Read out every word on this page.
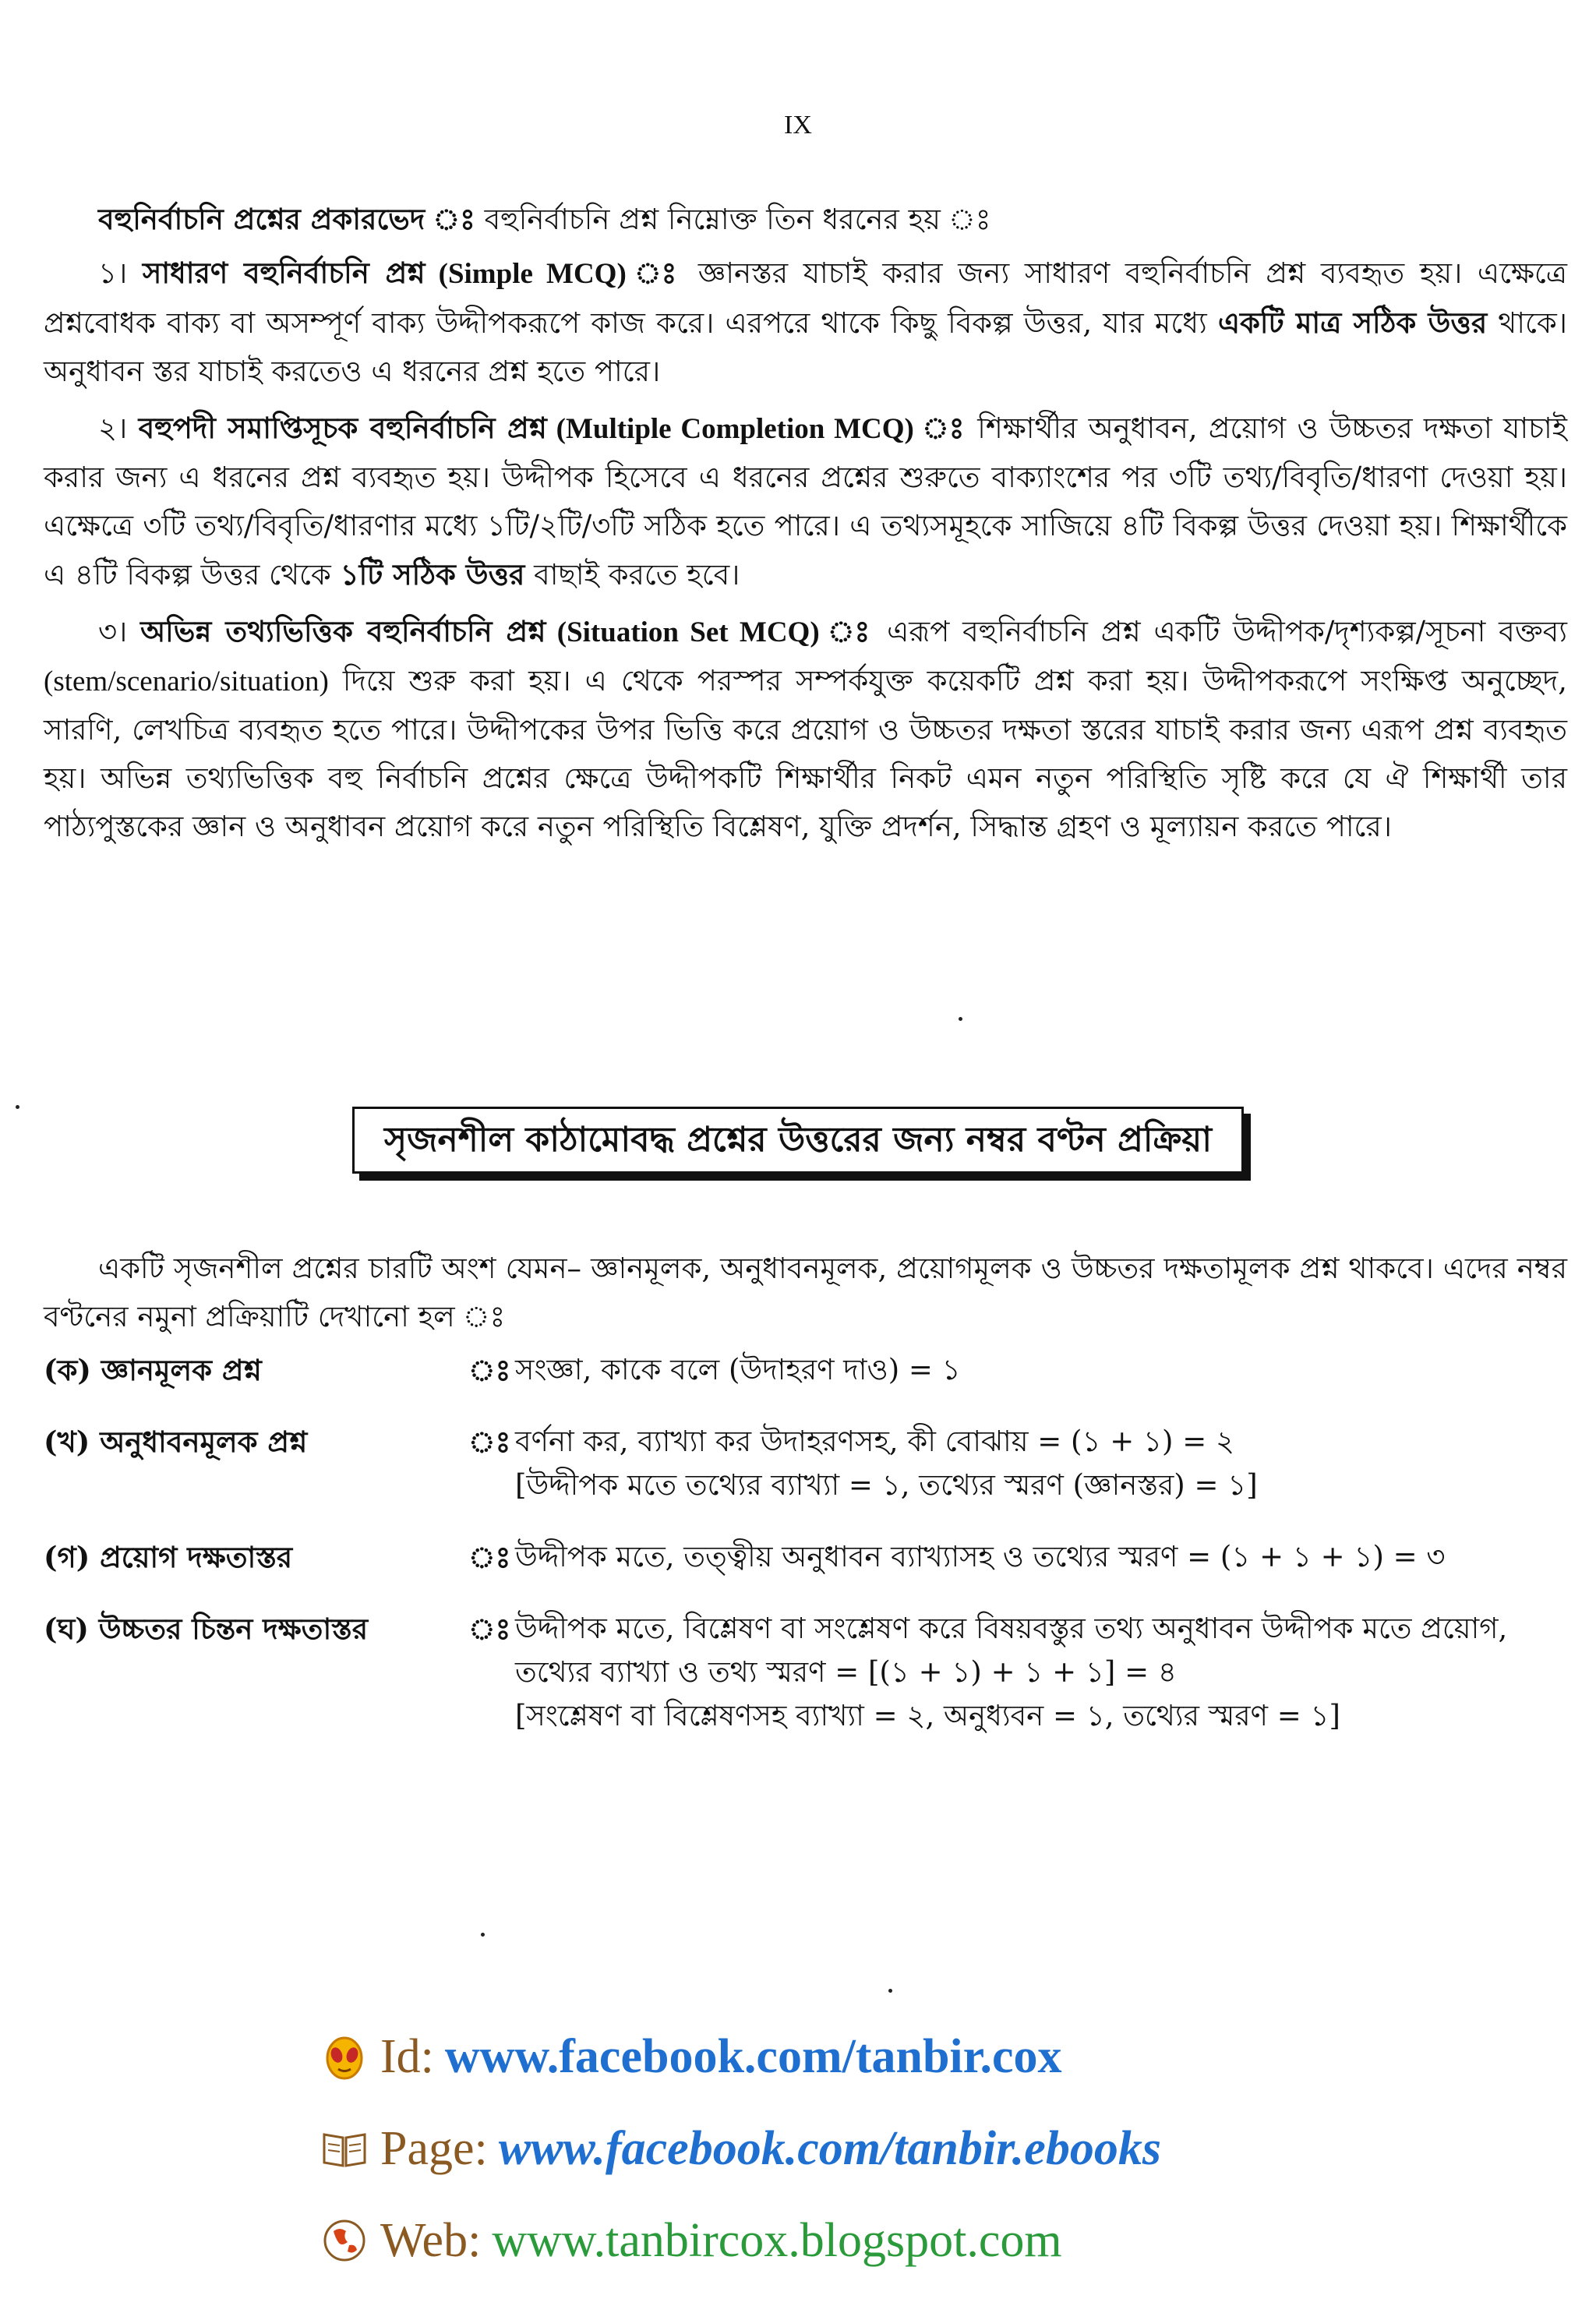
IX

বহুনির্বাচনি প্রশ্নের প্রকারভেদ ঃ বহুনির্বাচনি প্রশ্ন নিম্নোক্ত তিন ধরনের হয় ঃ

১। সাধারণ বহুনির্বাচনি প্রশ্ন (Simple MCQ) ঃ জ্ঞানস্তর যাচাই করার জন্য সাধারণ বহুনির্বাচনি প্রশ্ন ব্যবহৃত হয়। এক্ষেত্রে প্রশ্নবোধক বাক্য বা অসম্পূর্ণ বাক্য উদ্দীপকরূপে কাজ করে। এরপরে থাকে কিছু বিকল্প উত্তর, যার মধ্যে একটি মাত্র সঠিক উত্তর থাকে। অনুধাবন স্তর যাচাই করতেও এ ধরনের প্রশ্ন হতে পারে।

২। বহুপদী সমাপ্তিসূচক বহুনির্বাচনি প্রশ্ন (Multiple Completion MCQ) ঃ শিক্ষার্থীর অনুধাবন, প্রয়োগ ও উচ্চতর দক্ষতা যাচাই করার জন্য এ ধরনের প্রশ্ন ব্যবহৃত হয়। উদ্দীপক হিসেবে এ ধরনের প্রশ্নের শুরুতে বাক্যাংশের পর ৩টি তথ্য/বিবৃতি/ধারণা দেওয়া হয়। এক্ষেত্রে ৩টি তথ্য/বিবৃতি/ধারণার মধ্যে ১টি/২টি/৩টি সঠিক হতে পারে। এ তথ্যসমূহকে সাজিয়ে ৪টি বিকল্প উত্তর দেওয়া হয়। শিক্ষার্থীকে এ ৪টি বিকল্প উত্তর থেকে ১টি সঠিক উত্তর বাছাই করতে হবে।

৩। অভিন্ন তথ্যভিত্তিক বহুনির্বাচনি প্রশ্ন (Situation Set MCQ) ঃ এরূপ বহুনির্বাচনি প্রশ্ন একটি উদ্দীপক/দৃশ্যকল্প/সূচনা বক্তব্য (stem/scenario/situation) দিয়ে শুরু করা হয়। এ থেকে পরস্পর সম্পর্কযুক্ত কয়েকটি প্রশ্ন করা হয়। উদ্দীপকরূপে সংক্ষিপ্ত অনুচ্ছেদ, সারণি, লেখচিত্র ব্যবহৃত হতে পারে। উদ্দীপকের উপর ভিত্তি করে প্রয়োগ ও উচ্চতর দক্ষতা স্তরের যাচাই করার জন্য এরূপ প্রশ্ন ব্যবহৃত হয়। অভিন্ন তথ্যভিত্তিক বহু নির্বাচনি প্রশ্নের ক্ষেত্রে উদ্দীপকটি শিক্ষার্থীর নিকট এমন নতুন পরিস্থিতি সৃষ্টি করে যে ঐ শিক্ষার্থী তার পাঠ্যপুস্তকের জ্ঞান ও অনুধাবন প্রয়োগ করে নতুন পরিস্থিতি বিশ্লেষণ, যুক্তি প্রদর্শন, সিদ্ধান্ত গ্রহণ ও মূল্যায়ন করতে পারে।

সৃজনশীল কাঠামোবদ্ধ প্রশ্নের উত্তরের জন্য নম্বর বণ্টন প্রক্রিয়া

একটি সৃজনশীল প্রশ্নের চারটি অংশ যেমন– জ্ঞানমূলক, অনুধাবনমূলক, প্রয়োগমূলক ও উচ্চতর দক্ষতামূলক প্রশ্ন থাকবে। এদের নম্বর বণ্টনের নমুনা প্রক্রিয়াটি দেখানো হল ঃ

(ক) জ্ঞানমূলক প্রশ্ন	ঃ সংজ্ঞা, কাকে বলে (উদাহরণ দাও) = ১
(খ) অনুধাবনমূলক প্রশ্ন	ঃ বর্ণনা কর, ব্যাখ্যা কর উদাহরণসহ, কী বোঝায় = (১ + ১) = ২
[উদ্দীপক মতে তথ্যের ব্যাখ্যা = ১, তথ্যের স্মরণ (জ্ঞানস্তর) = ১]
(গ) প্রয়োগ দক্ষতাস্তর	ঃ উদ্দীপক মতে, তত্ত্বীয় অনুধাবন ব্যাখ্যাসহ ও তথ্যের স্মরণ = (১ + ১ + ১) = ৩
(ঘ) উচ্চতর চিন্তন দক্ষতাস্তর	ঃ উদ্দীপক মতে, বিশ্লেষণ বা সংশ্লেষণ করে বিষয়বস্তুর তথ্য অনুধাবন উদ্দীপক মতে প্রয়োগ, তথ্যের ব্যাখ্যা ও তথ্য স্মরণ = [(১ + ১) + ১ + ১] = ৪
[সংশ্লেষণ বা বিশ্লেষণসহ ব্যাখ্যা = ২, অনুধ্যবন = ১, তথ্যের স্মরণ = ১]
Id: www.facebook.com/tanbir.cox
Page: www.facebook.com/tanbir.ebooks
Web: www.tanbircox.blogspot.com
